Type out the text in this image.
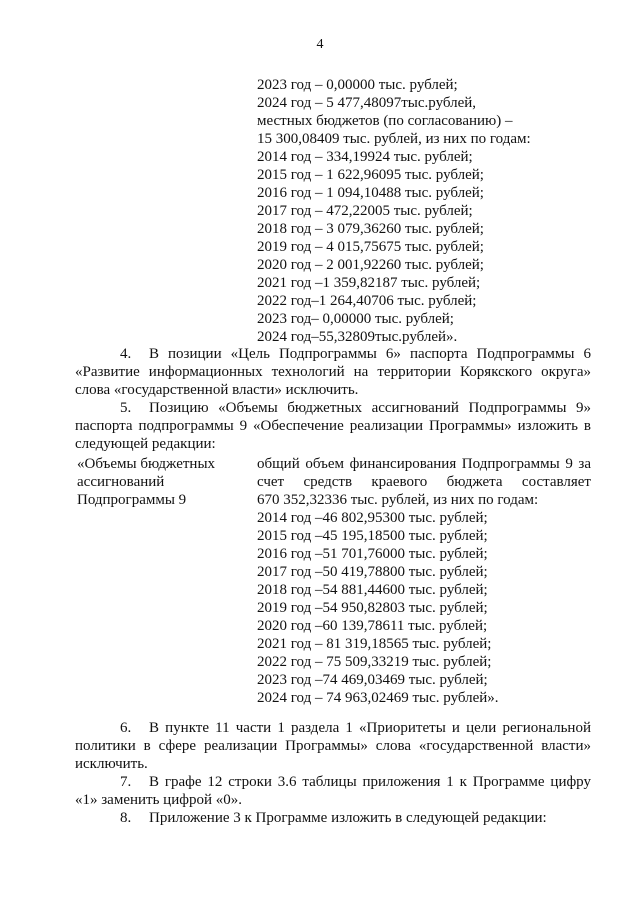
4
2023 год – 0,00000 тыс. рублей;
2024 год – 5 477,48097тыс.рублей,
местных бюджетов (по согласованию) –
15 300,08409 тыс. рублей, из них по годам:
2014 год – 334,19924 тыс. рублей;
2015 год – 1 622,96095 тыс. рублей;
2016 год – 1 094,10488 тыс. рублей;
2017 год – 472,22005 тыс. рублей;
2018 год – 3 079,36260 тыс. рублей;
2019 год – 4 015,75675 тыс. рублей;
2020 год – 2 001,92260 тыс. рублей;
2021 год –1 359,82187 тыс. рублей;
2022 год–1 264,40706 тыс. рублей;
2023 год– 0,00000 тыс. рублей;
2024 год–55,32809тыс.рублей».
4. В позиции «Цель Подпрограммы 6» паспорта Подпрограммы 6 «Развитие информационных технологий на территории Корякского округа» слова «государственной власти» исключить.
5. Позицию «Объемы бюджетных ассигнований Подпрограммы 9» паспорта подпрограммы 9 «Обеспечение реализации Программы» изложить в следующей редакции:
«Объемы бюджетных
ассигнований
Подпрограммы 9
общий объем финансирования Подпрограммы 9 за
счет средств краевого бюджета составляет
670 352,32336 тыс. рублей, из них по годам:
2014 год –46 802,95300 тыс. рублей;
2015 год –45 195,18500 тыс. рублей;
2016 год –51 701,76000 тыс. рублей;
2017 год –50 419,78800 тыс. рублей;
2018 год –54 881,44600 тыс. рублей;
2019 год –54 950,82803 тыс. рублей;
2020 год –60 139,78611 тыс. рублей;
2021 год – 81 319,18565 тыс. рублей;
2022 год – 75 509,33219 тыс. рублей;
2023 год –74 469,03469 тыс. рублей;
2024 год – 74 963,02469 тыс. рублей».
6. В пункте 11 части 1 раздела 1 «Приоритеты и цели региональной политики в сфере реализации Программы» слова «государственной власти» исключить.
7. В графе 12 строки 3.6 таблицы приложения 1 к Программе цифру «1» заменить цифрой «0».
8. Приложение 3 к Программе изложить в следующей редакции:
